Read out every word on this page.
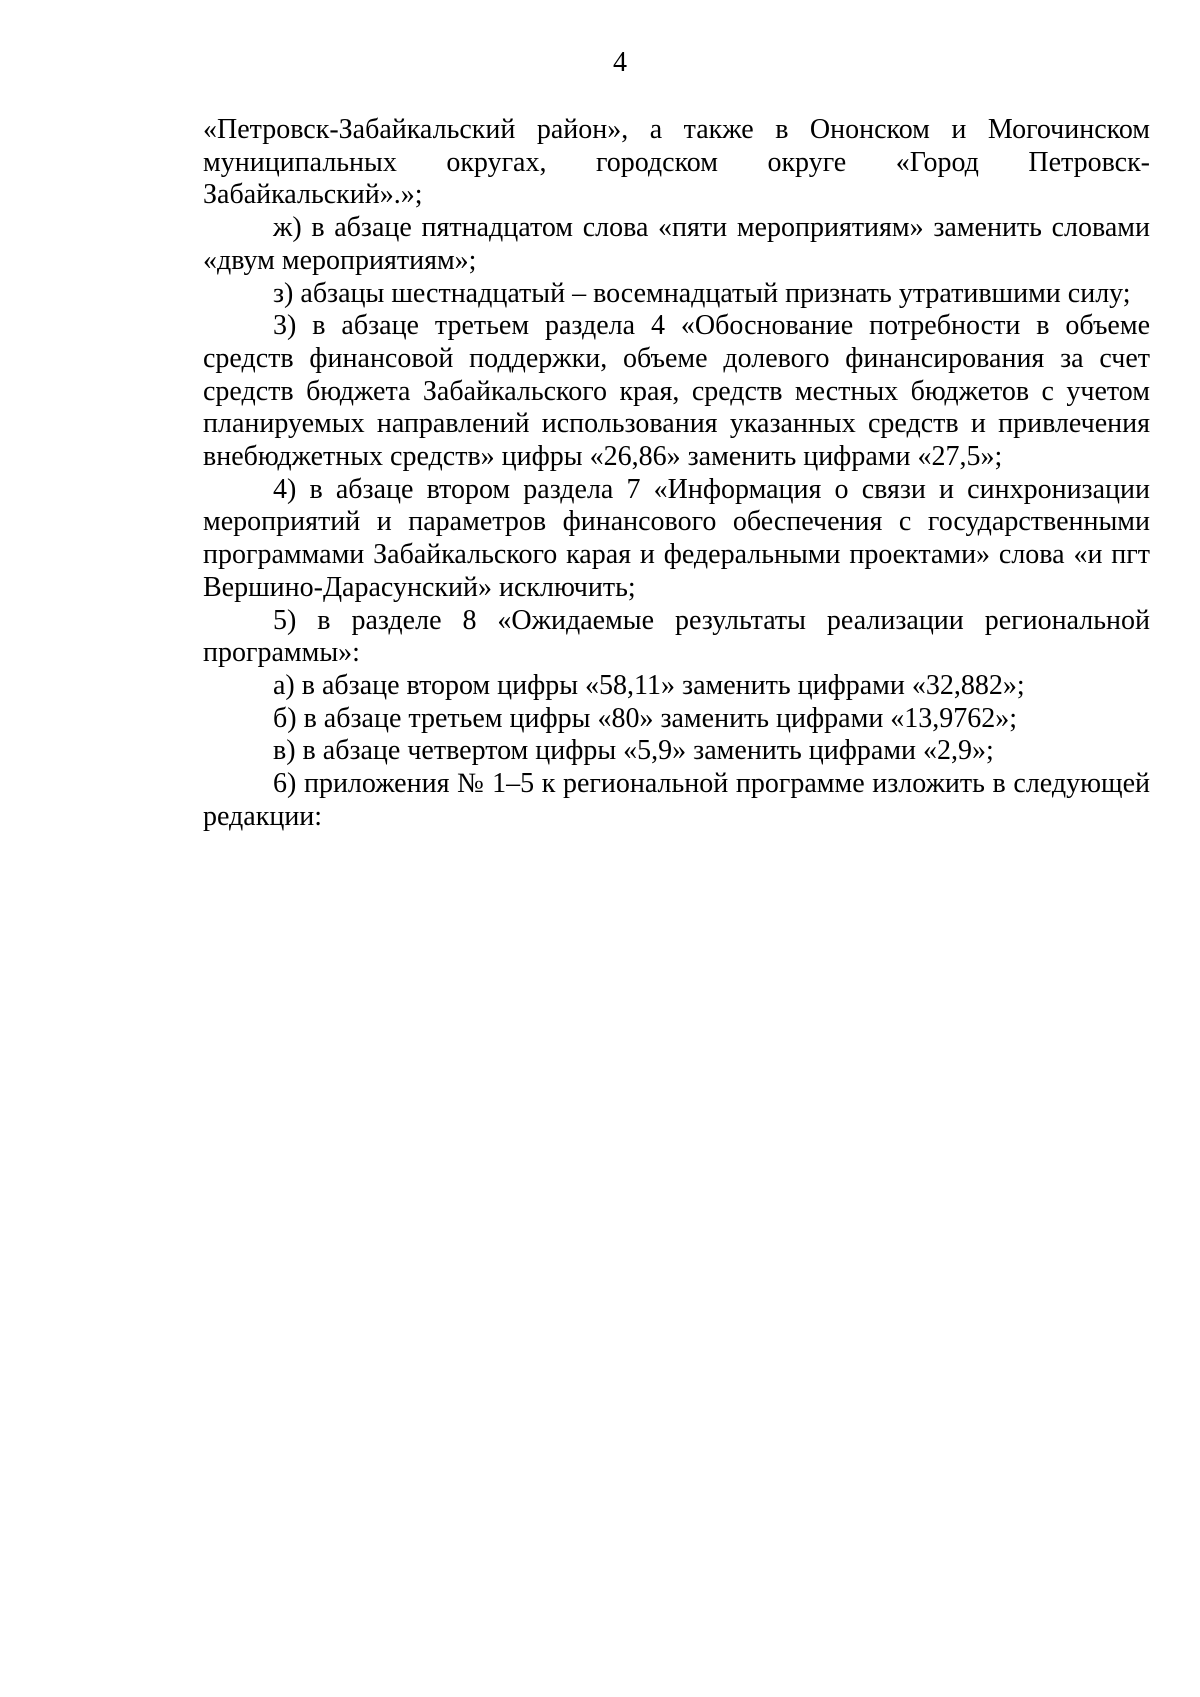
4

«Петровск-Забайкальский район», а также в Ононском и Могочинском муниципальных округах, городском округе «Город Петровск-Забайкальский».»;

ж) в абзаце пятнадцатом слова «пяти мероприятиям» заменить словами «двум мероприятиям»;

з) абзацы шестнадцатый – восемнадцатый признать утратившими силу;

3) в абзаце третьем раздела 4 «Обоснование потребности в объеме средств финансовой поддержки, объеме долевого финансирования за счет средств бюджета Забайкальского края, средств местных бюджетов с учетом планируемых направлений использования указанных средств и привлечения внебюджетных средств» цифры «26,86» заменить цифрами «27,5»;

4) в абзаце втором раздела 7 «Информация о связи и синхронизации мероприятий и параметров финансового обеспечения с государственными программами Забайкальского карая и федеральными проектами» слова «и пгт Вершино-Дарасунский» исключить;

5) в разделе 8 «Ожидаемые результаты реализации региональной программы»:

а) в абзаце втором цифры «58,11» заменить цифрами «32,882»;

б) в абзаце третьем цифры «80» заменить цифрами «13,9762»;

в) в абзаце четвертом цифры «5,9» заменить цифрами «2,9»;

6) приложения № 1–5 к региональной программе изложить в следующей редакции:
